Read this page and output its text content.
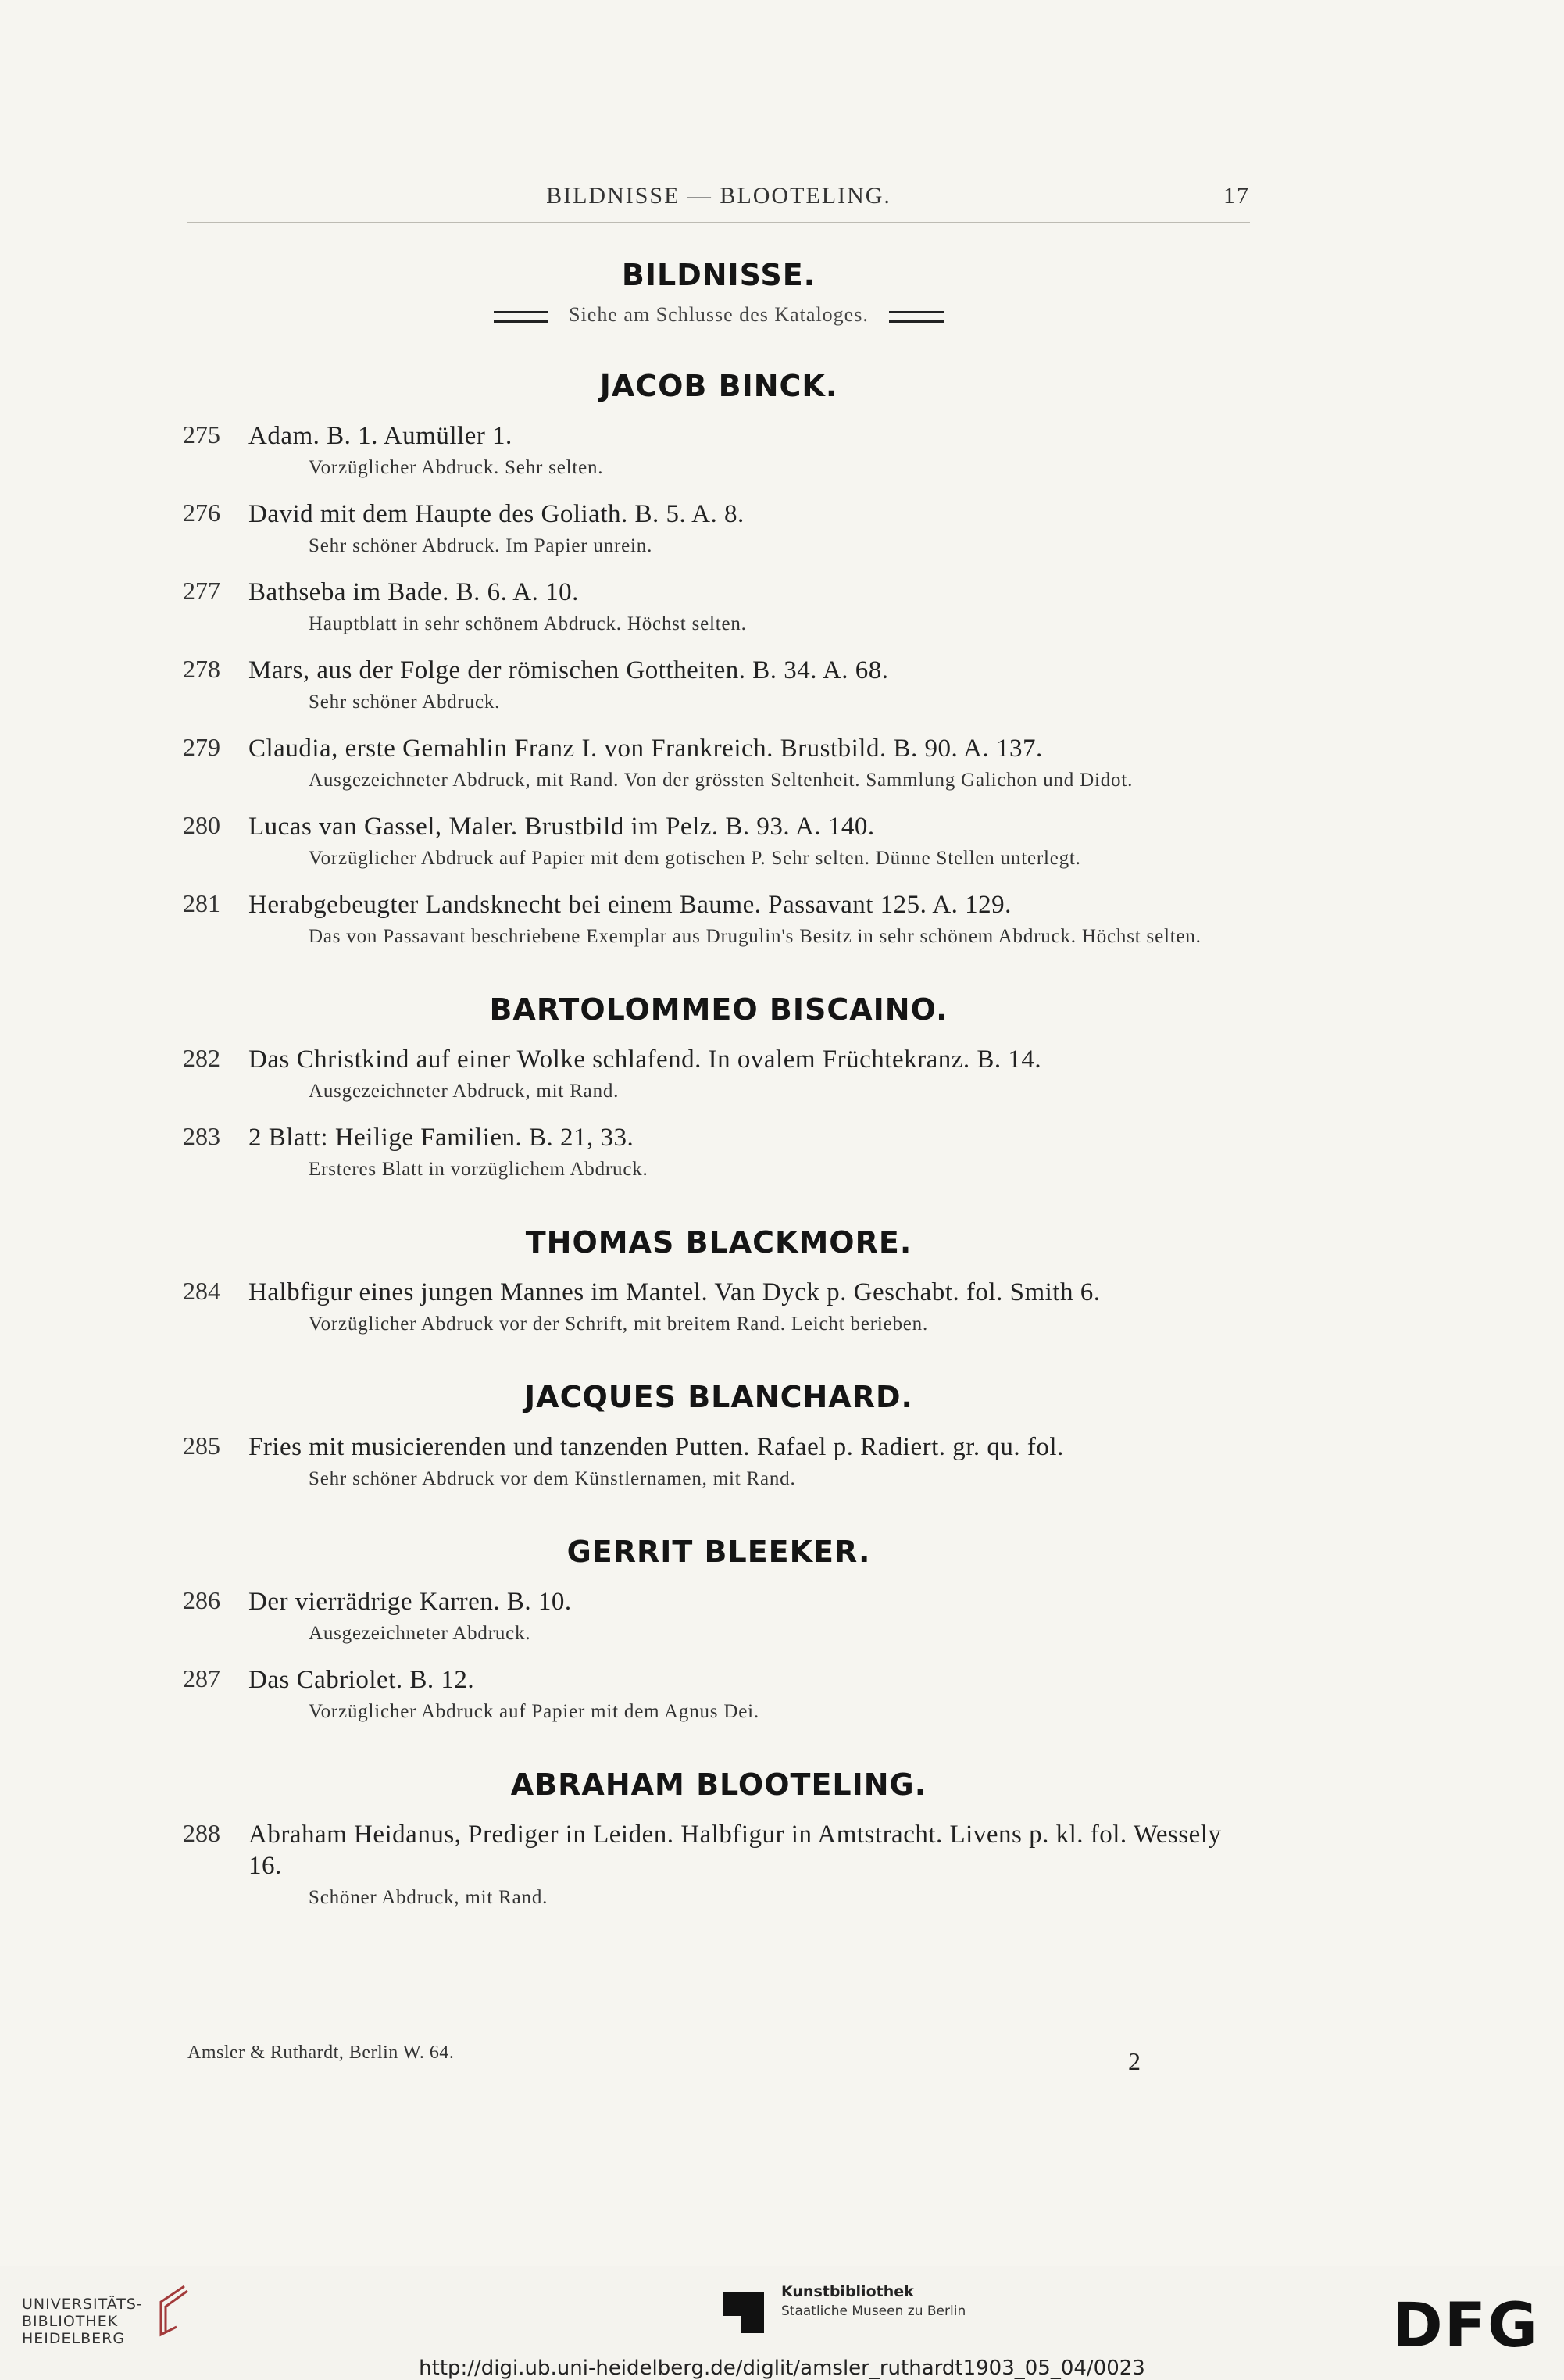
BILDNISSE — BLOOTELING.	17
BILDNISSE.
Siehe am Schlusse des Kataloges.
JACOB BINCK.
275 Adam. B. 1. Aumüller 1.
Vorzüglicher Abdruck. Sehr selten.
276 David mit dem Haupte des Goliath. B. 5. A. 8.
Sehr schöner Abdruck. Im Papier unrein.
277 Bathseba im Bade. B. 6. A. 10.
Hauptblatt in sehr schönem Abdruck. Höchst selten.
278 Mars, aus der Folge der römischen Gottheiten. B. 34. A. 68.
Sehr schöner Abdruck.
279 Claudia, erste Gemahlin Franz I. von Frankreich. Brustbild. B. 90. A. 137.
Ausgezeichneter Abdruck, mit Rand. Von der grössten Seltenheit. Sammlung Galichon und Didot.
280 Lucas van Gassel, Maler. Brustbild im Pelz. B. 93. A. 140.
Vorzüglicher Abdruck auf Papier mit dem gotischen P. Sehr selten. Dünne Stellen unterlegt.
281 Herabgebeugter Landsknecht bei einem Baume. Passavant 125. A. 129.
Das von Passavant beschriebene Exemplar aus Drugulin's Besitz in sehr schönem Abdruck. Höchst selten.
BARTOLOMMEO BISCAINO.
282 Das Christkind auf einer Wolke schlafend. In ovalem Früchtekranz. B. 14.
Ausgezeichneter Abdruck, mit Rand.
283 2 Blatt: Heilige Familien. B. 21, 33.
Ersteres Blatt in vorzüglichem Abdruck.
THOMAS BLACKMORE.
284 Halbfigur eines jungen Mannes im Mantel. Van Dyck p. Geschabt. fol. Smith 6.
Vorzüglicher Abdruck vor der Schrift, mit breitem Rand. Leicht berieben.
JACQUES BLANCHARD.
285 Fries mit musicierenden und tanzenden Putten. Rafael p. Radiert. gr. qu. fol.
Sehr schöner Abdruck vor dem Künstlernamen, mit Rand.
GERRIT BLEEKER.
286 Der vierrädrige Karren. B. 10.
Ausgezeichneter Abdruck.
287 Das Cabriolet. B. 12.
Vorzüglicher Abdruck auf Papier mit dem Agnus Dei.
ABRAHAM BLOOTELING.
288 Abraham Heidanus, Prediger in Leiden. Halbfigur in Amtstracht. Livens p. kl. fol. Wessely 16.
Schöner Abdruck, mit Rand.
Amsler & Ruthardt, Berlin W. 64.	2
UNIVERSITÄTS-
BIBLIOTHEK
HEIDELBERG
Kunstbibliothek
Staatliche Museen zu Berlin	DFG
http://digi.ub.uni-heidelberg.de/diglit/amsler_ruthardt1903_05_04/0023
